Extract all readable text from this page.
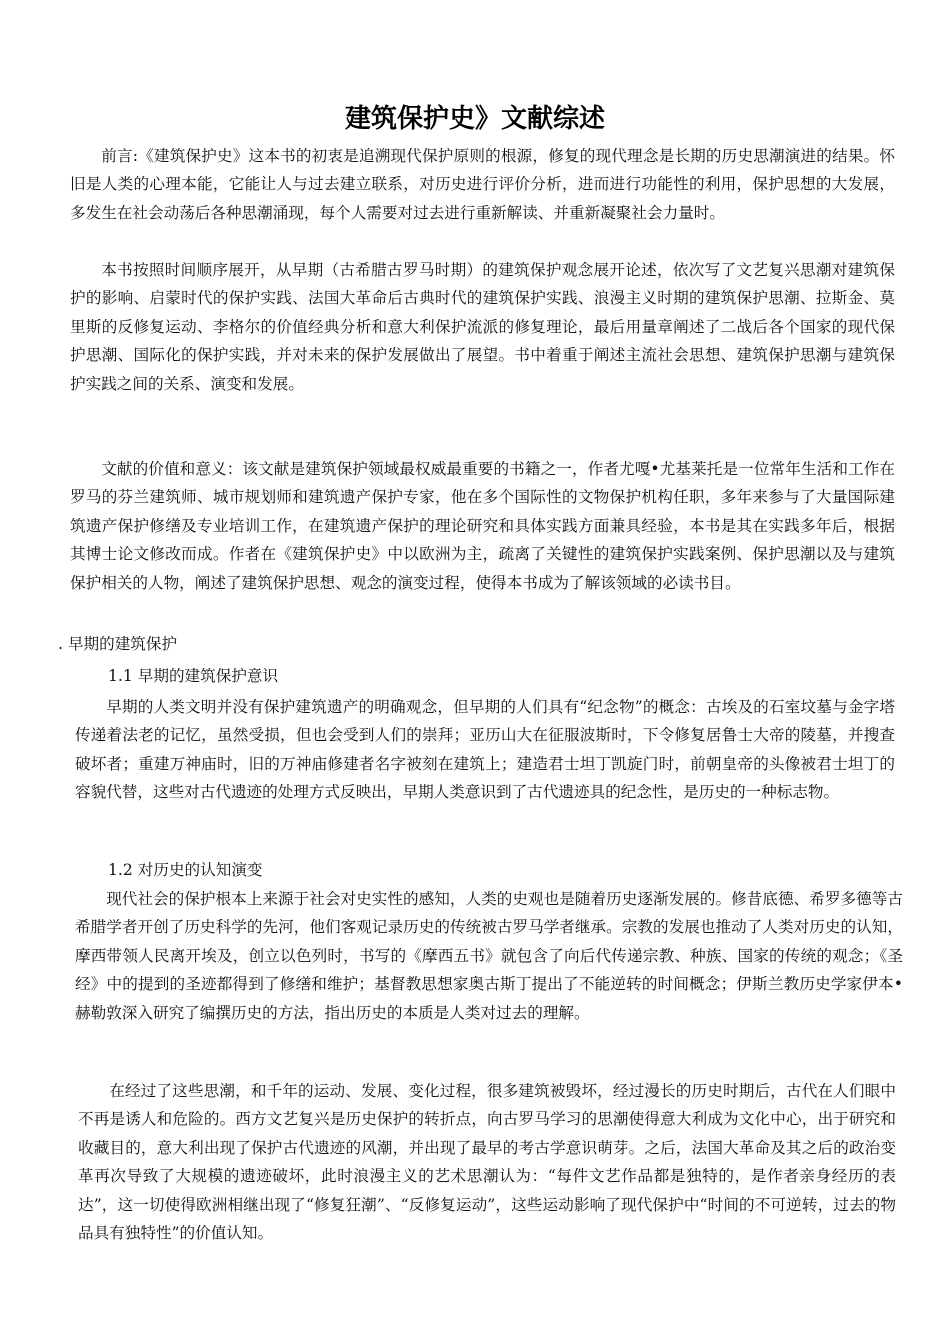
建筑保护史》文献综述

前言:《建筑保护史》这本书的初衷是追溯现代保护原则的根源，修复的现代理念是长期的历史思潮演进的结果。怀旧是人类的心理本能，它能让人与过去建立联系，对历史进行评价分析，进而进行功能性的利用，保护思想的大发展，多发生在社会动荡后各种思潮涌现，每个人需要对过去进行重新解读、并重新凝聚社会力量时。

本书按照时间顺序展开，从早期（古希腊古罗马时期）的建筑保护观念展开论述，依次写了文艺复兴思潮对建筑保护的影响、启蒙时代的保护实践、法国大革命后古典时代的建筑保护实践、浪漫主义时期的建筑保护思潮、拉斯金、莫里斯的反修复运动、李格尔的价值经典分析和意大利保护流派的修复理论，最后用量章阐述了二战后各个国家的现代保护思潮、国际化的保护实践，并对未来的保护发展做出了展望。书中着重于阐述主流社会思想、建筑保护思潮与建筑保护实践之间的关系、演变和发展。

文献的价值和意义：该文献是建筑保护领域最权威最重要的书籍之一，作者尤嘎•尤基莱托是一位常年生活和工作在罗马的芬兰建筑师、城市规划师和建筑遗产保护专家，他在多个国际性的文物保护机构任职，多年来参与了大量国际建筑遗产保护修缮及专业培训工作，在建筑遗产保护的理论研究和具体实践方面兼具经验，本书是其在实践多年后，根据其博士论文修改而成。作者在《建筑保护史》中以欧洲为主，疏离了关键性的建筑保护实践案例、保护思潮以及与建筑保护相关的人物，阐述了建筑保护思想、观念的演变过程，使得本书成为了解该领域的必读书目。

. 早期的建筑保护
1.1 早期的建筑保护意识

早期的人类文明并没有保护建筑遗产的明确观念，但早期的人们具有“纪念物”的概念：古埃及的石室坟墓与金字塔传递着法老的记忆，虽然受损，但也会受到人们的崇拜；亚历山大在征服波斯时，下令修复居鲁士大帝的陵墓，并搜查破坏者；重建万神庙时，旧的万神庙修建者名字被刻在建筑上；建造君士坦丁凯旋门时，前朝皇帝的头像被君士坦丁的容貌代替，这些对古代遗迹的处理方式反映出，早期人类意识到了古代遗迹具的纪念性，是历史的一种标志物。

1.2 对历史的认知演变

现代社会的保护根本上来源于社会对史实性的感知，人类的史观也是随着历史逐渐发展的。修昔底德、希罗多德等古希腊学者开创了历史科学的先河，他们客观记录历史的传统被古罗马学者继承。宗教的发展也推动了人类对历史的认知，摩西带领人民离开埃及，创立以色列时，书写的《摩西五书》就包含了向后代传递宗教、种族、国家的传统的观念；《圣经》中的提到的圣迹都得到了修缮和维护；基督教思想家奥古斯丁提出了不能逆转的时间概念；伊斯兰教历史学家伊本•赫勒敦深入研究了编撰历史的方法，指出历史的本质是人类对过去的理解。

在经过了这些思潮，和千年的运动、发展、变化过程，很多建筑被毁坏，经过漫长的历史时期后，古代在人们眼中不再是诱人和危险的。西方文艺复兴是历史保护的转折点，向古罗马学习的思潮使得意大利成为文化中心，出于研究和收藏目的，意大利出现了保护古代遗迹的风潮，并出现了最早的考古学意识萌芽。之后，法国大革命及其之后的政治变革再次导致了大规模的遗迹破坏，此时浪漫主义的艺术思潮认为：“每件文艺作品都是独特的，是作者亲身经历的表达”，这一切使得欧洲相继出现了“修复狂潮”、“反修复运动”，这些运动影响了现代保护中“时间的不可逆转，过去的物品具有独特性”的价值认知。
